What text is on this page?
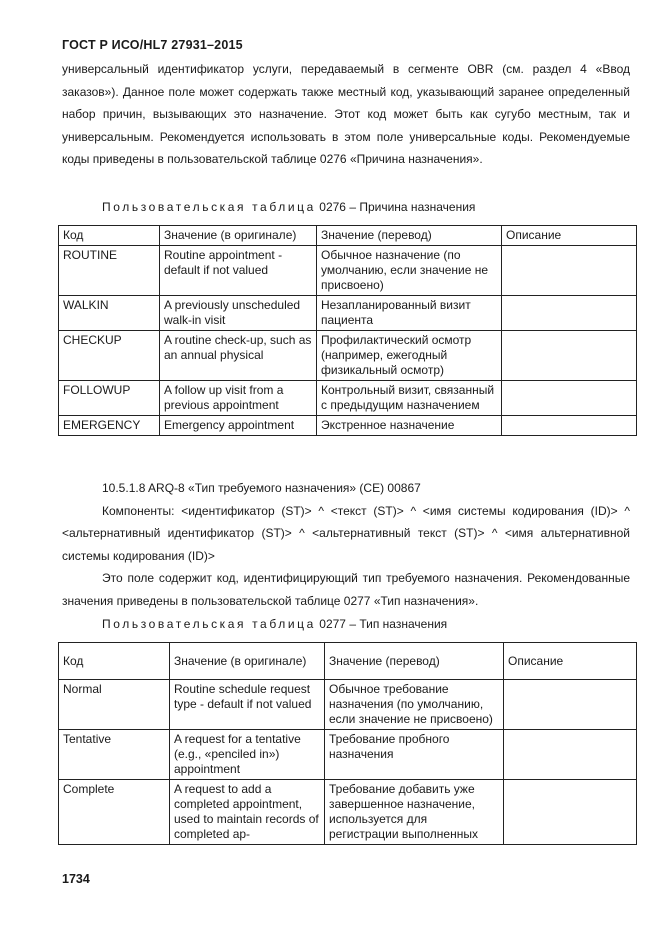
ГОСТ Р ИСО/HL7 27931–2015

универсальный идентификатор услуги, передаваемый в сегменте OBR (см. раздел 4 «Ввод заказов»). Данное поле может содержать также местный код, указывающий заранее определенный набор причин, вызывающих это назначение. Этот код может быть как сугубо местным, так и универсальным. Рекомендуется использовать в этом поле универсальные коды. Рекомендуемые коды приведены в пользовательской таблице 0276 «Причина назначения».

Пользовательская таблица 0276 – Причина назначения
Код	Значение (в оригинале)	Значение (перевод)	Описание
ROUTINE	Routine appointment - default if not valued	Обычное назначение (по умолчанию, если значение не присвоено)	
WALKIN	A previously unscheduled walk-in visit	Незапланированный визит пациента	
CHECKUP	A routine check-up, such as an annual physical	Профилактический осмотр (например, ежегодный физикальный осмотр)	
FOLLOWUP	A follow up visit from a previous appointment	Контрольный визит, связанный с предыдущим назначением	
EMERGENCY	Emergency appointment	Экстренное назначение	

10.5.1.8 ARQ-8 «Тип требуемого назначения» (CE) 00867

Компоненты: <идентификатор (ST)> ^ <текст (ST)> ^ <имя системы кодирования (ID)> ^ <альтернативный идентификатор (ST)> ^ <альтернативный текст (ST)> ^ <имя альтернативной системы кодирования (ID)>

Это поле содержит код, идентифицирующий тип требуемого назначения. Рекомендованные значения приведены в пользовательской таблице 0277 «Тип назначения».

Пользовательская таблица 0277 – Тип назначения
Код	Значение (в оригинале)	Значение (перевод)	Описание
Normal	Routine schedule request type - default if not valued	Обычное требование назначения (по умолчанию, если значение не присвоено)	
Tentative	A request for a tentative (e.g., «penciled in») appointment	Требование пробного назначения	
Complete	A request to add a completed appointment, used to maintain records of completed ap-	Требование добавить уже завершенное назначение, используется для регистрации выполненных	
1734
